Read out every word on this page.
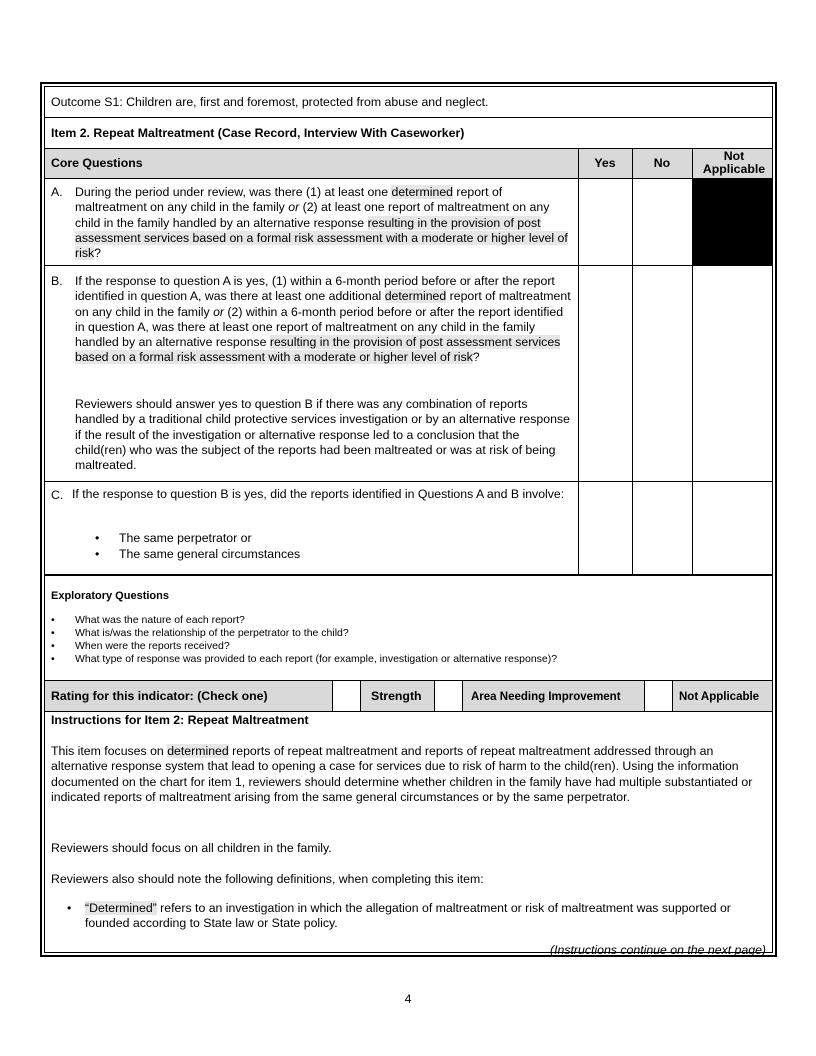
Outcome S1: Children are, first and foremost, protected from abuse and neglect.
Item 2. Repeat Maltreatment (Case Record, Interview With Caseworker)
Core Questions	Yes	No	Not
Applicable
A. During the period under review, was there (1) at least one determined report of maltreatment on any child in the family or (2) at least one report of maltreatment on any child in the family handled by an alternative response resulting in the provision of post assessment services based on a formal risk assessment with a moderate or higher level of risk?
B. If the response to question A is yes, (1) within a 6-month period before or after the report identified in question A, was there at least one additional determined report of maltreatment on any child in the family or (2) within a 6-month period before or after the report identified in question A, was there at least one report of maltreatment on any child in the family handled by an alternative response resulting in the provision of post assessment services based on a formal risk assessment with a moderate or higher level of risk?
Reviewers should answer yes to question B if there was any combination of reports handled by a traditional child protective services investigation or by an alternative response if the result of the investigation or alternative response led to a conclusion that the child(ren) who was the subject of the reports had been maltreated or was at risk of being maltreated.
C. If the response to question B is yes, did the reports identified in Questions A and B involve:
• The same perpetrator or
• The same general circumstances
Exploratory Questions
• What was the nature of each report?
• What is/was the relationship of the perpetrator to the child?
• When were the reports received?
• What type of response was provided to each report (for example, investigation or alternative response)?
Rating for this indicator: (Check one)	Strength	Area Needing Improvement	Not Applicable
Instructions for Item 2: Repeat Maltreatment
This item focuses on determined reports of repeat maltreatment and reports of repeat maltreatment addressed through an alternative response system that lead to opening a case for services due to risk of harm to the child(ren). Using the information documented on the chart for item 1, reviewers should determine whether children in the family have had multiple substantiated or indicated reports of maltreatment arising from the same general circumstances or by the same perpetrator.
Reviewers should focus on all children in the family.
Reviewers also should note the following definitions, when completing this item:
• “Determined” refers to an investigation in which the allegation of maltreatment or risk of maltreatment was supported or founded according to State law or State policy.
(Instructions continue on the next page)
4
